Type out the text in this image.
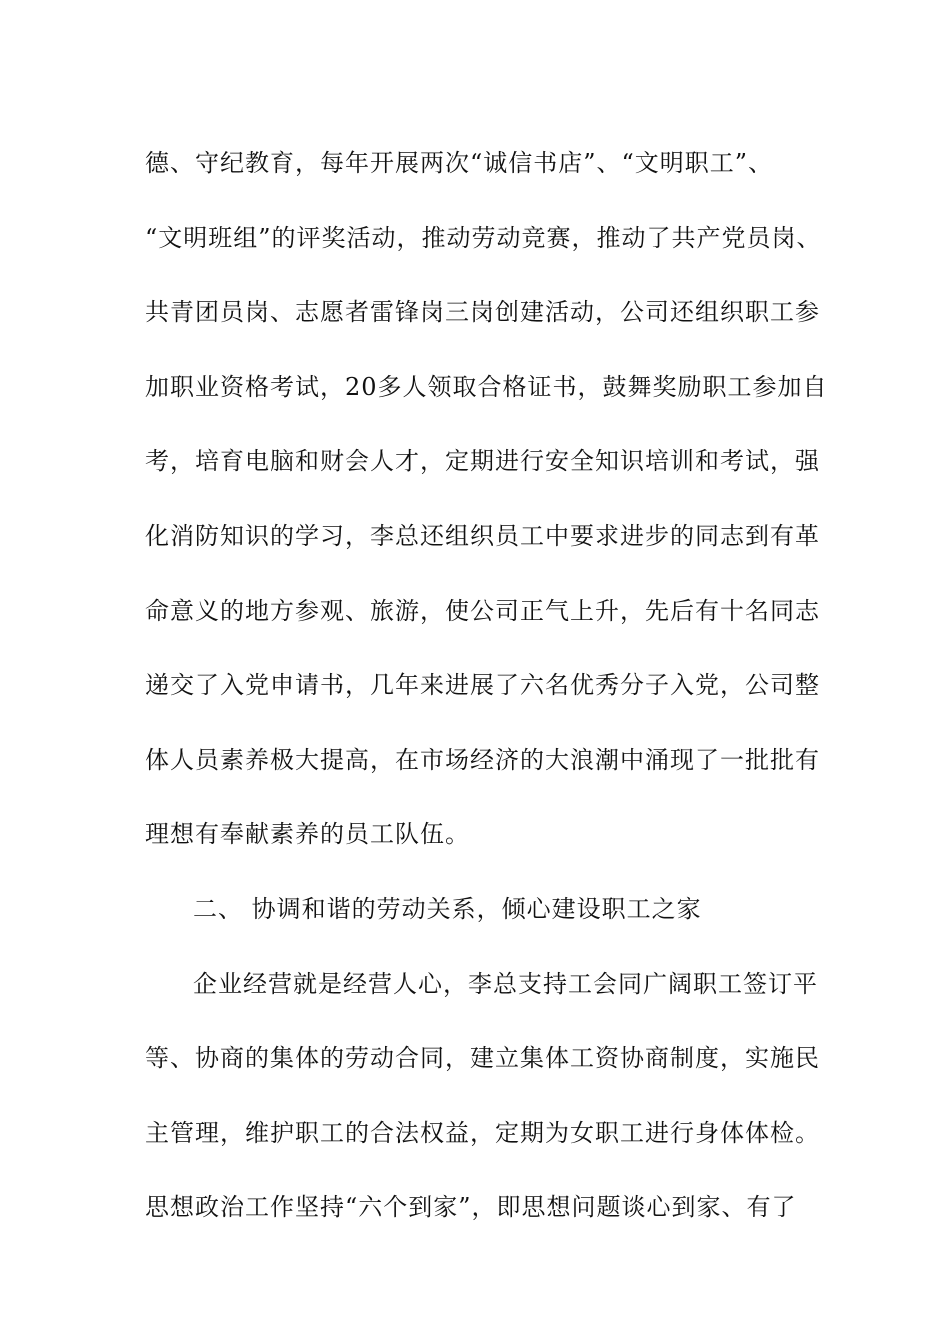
德、守纪教育，每年开展两次“诚信书店”、“文明职工”、
“文明班组”的评奖活动，推动劳动竞赛，推动了共产党员岗、
共青团员岗、志愿者雷锋岗三岗创建活动，公司还组织职工参
加职业资格考试，20多人领取合格证书，鼓舞奖励职工参加自
考，培育电脑和财会人才，定期进行安全知识培训和考试，强
化消防知识的学习，李总还组织员工中要求进步的同志到有革
命意义的地方参观、旅游，使公司正气上升，先后有十名同志
递交了入党申请书，几年来进展了六名优秀分子入党，公司整
体人员素养极大提高，在市场经济的大浪潮中涌现了一批批有
理想有奉献素养的员工队伍。
二、 协调和谐的劳动关系，倾心建设职工之家
企业经营就是经营人心，李总支持工会同广阔职工签订平
等、协商的集体的劳动合同，建立集体工资协商制度，实施民
主管理，维护职工的合法权益，定期为女职工进行身体体检。
思想政治工作坚持“六个到家”，即思想问题谈心到家、有了
